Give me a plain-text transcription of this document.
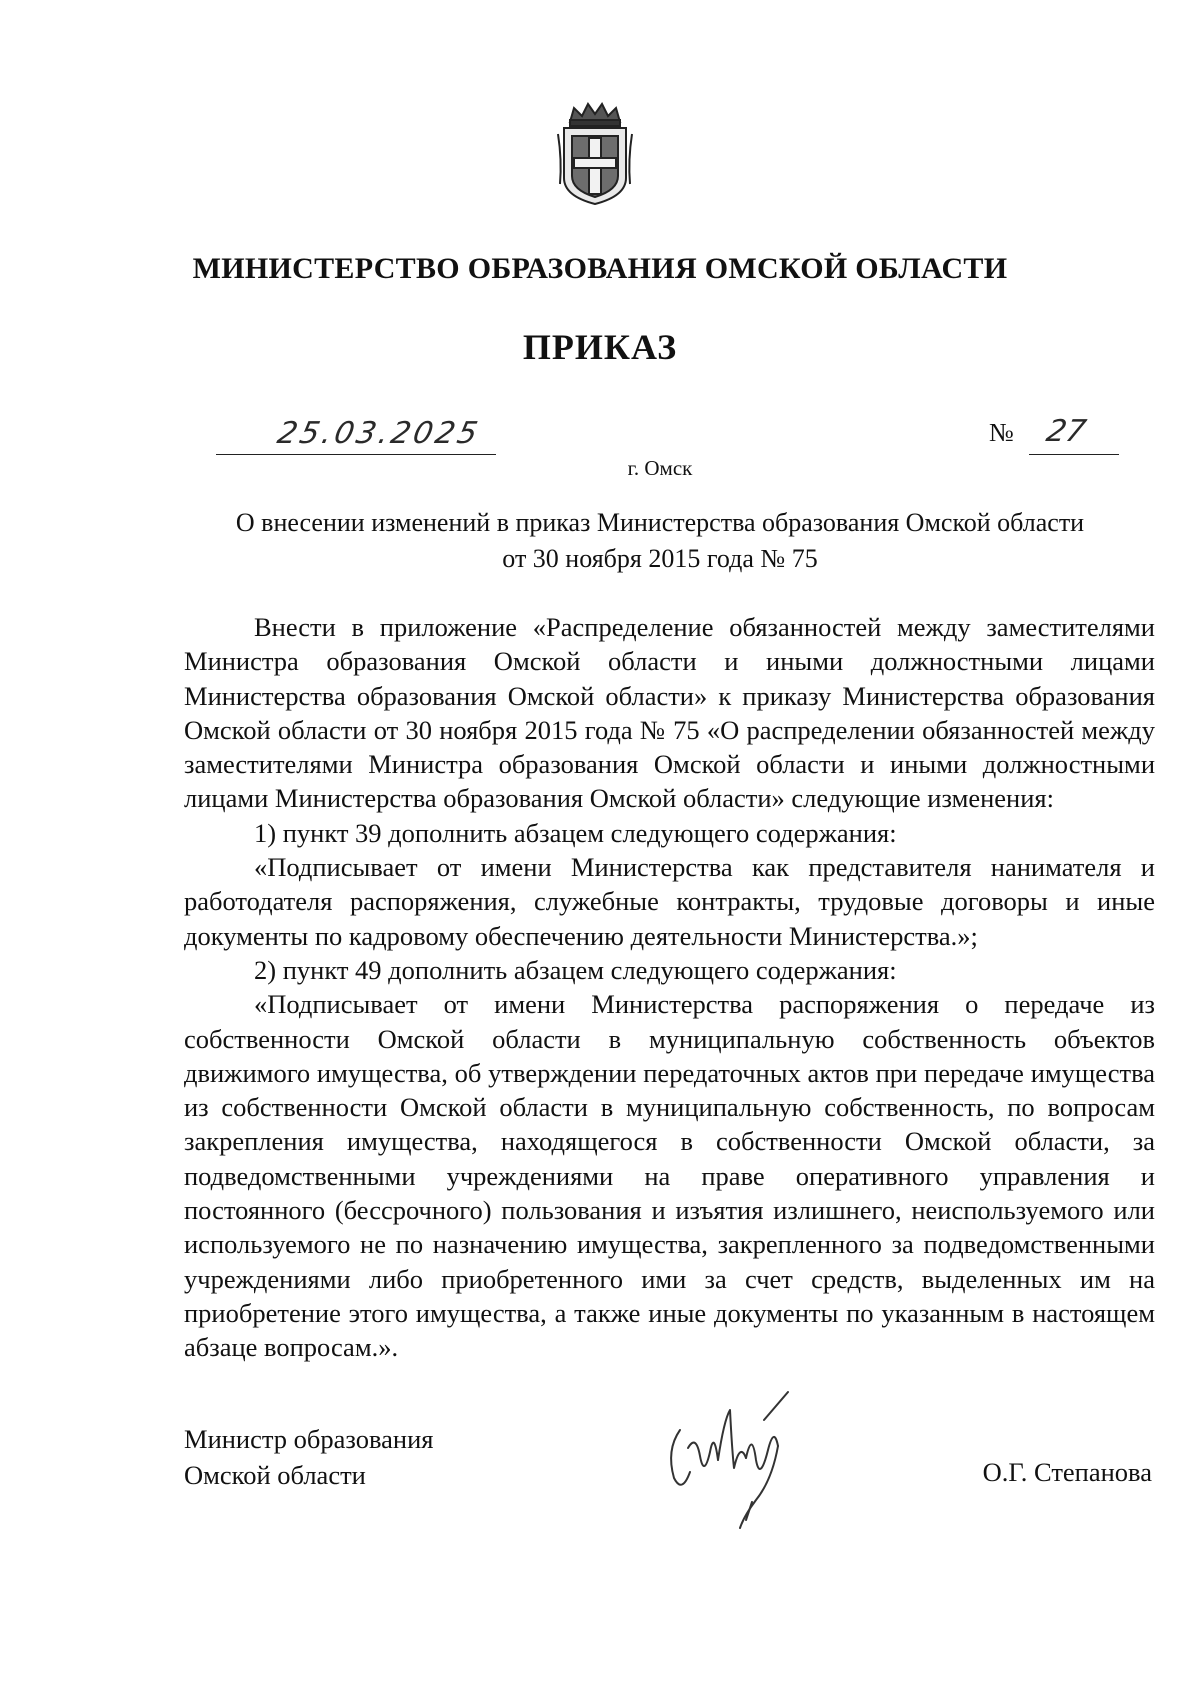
МИНИСТЕРСТВО ОБРАЗОВАНИЯ ОМСКОЙ ОБЛАСТИ
ПРИКАЗ
25.03.2025	№ 27
г. Омск
О внесении изменений в приказ Министерства образования Омской области
от 30 ноября 2015 года № 75

Внести в приложение «Распределение обязанностей между заместителями Министра образования Омской области и иными должностными лицами Министерства образования Омской области» к приказу Министерства образования Омской области от 30 ноября 2015 года № 75 «О распределении обязанностей между заместителями Министра образования Омской области и иными должностными лицами Министерства образования Омской области» следующие изменения:

1) пункт 39 дополнить абзацем следующего содержания:

«Подписывает от имени Министерства как представителя нанимателя и работодателя распоряжения, служебные контракты, трудовые договоры и иные документы по кадровому обеспечению деятельности Министерства.»;

2) пункт 49 дополнить абзацем следующего содержания:

«Подписывает от имени Министерства распоряжения о передаче из собственности Омской области в муниципальную собственность объектов движимого имущества, об утверждении передаточных актов при передаче имущества из собственности Омской области в муниципальную собственность, по вопросам закрепления имущества, находящегося в собственности Омской области, за подведомственными учреждениями на праве оперативного управления и постоянного (бессрочного) пользования и изъятия излишнего, неиспользуемого или используемого не по назначению имущества, закрепленного за подведомственными учреждениями либо приобретенного ими за счет средств, выделенных им на приобретение этого имущества, а также иные документы по указанным в настоящем абзаце вопросам.».

Министр образования
Омской области	О.Г. Степанова
